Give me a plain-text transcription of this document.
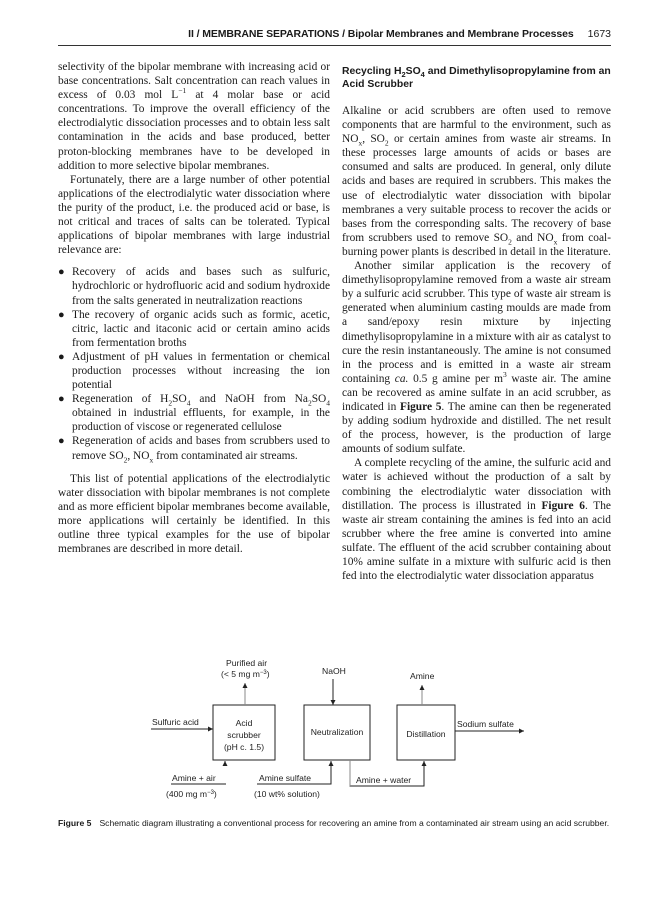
II / MEMBRANE SEPARATIONS / Bipolar Membranes and Membrane Processes 1673

selectivity of the bipolar membrane with increasing acid or base concentrations. Salt concentration can reach values in excess of 0.03 mol $L^{-1}$ at 4 molar base or acid concentrations. To improve the overall efficiency of the electrodialytic dissociation processes and to obtain less salt contamination in the acids and base produced, better proton-blocking membranes have to be developed in addition to more selective bipolar membranes.

Fortunately, there are a large number of other potential applications of the electrodialytic water dissociation where the purity of the product, i.e. the produced acid or base, is not critical and traces of salts can be tolerated. Typical applications of bipolar membranes with large industrial relevance are:

● Recovery of acids and bases such as sulfuric, hydrochloric or hydrofluoric acid and sodium hydroxide from the salts generated in neutralization reactions
● The recovery of organic acids such as formic, acetic, citric, lactic and itaconic acid or certain amino acids from fermentation broths
● Adjustment of pH values in fermentation or chemical production processes without increasing the ion potential
● Regeneration of $H_2SO_4$ and NaOH from $Na_2SO_4$ obtained in industrial effluents, for example, in the production of viscose or regenerated cellulose
● Regeneration of acids and bases from scrubbers used to remove $SO_2$, $NO_x$ from contaminated air streams.

This list of potential applications of the electrodialytic water dissociation with bipolar membranes is not complete and as more efficient bipolar membranes become available, more applications will certainly be identified. In this outline three typical examples for the use of bipolar membranes are described in more detail.

Recycling $H_2SO_4$ and Dimethylisopropylamine from an Acid Scrubber

Alkaline or acid scrubbers are often used to remove components that are harmful to the environment, such as $NO_x$, $SO_2$ or certain amines from waste air streams. In these processes large amounts of acids or bases are consumed and salts are produced. In general, only dilute acids and bases are required in scrubbers. This makes the use of electrodialytic water dissociation with bipolar membranes a very suitable process to recover the acids or bases from the corresponding salts. The recovery of base from scrubbers used to remove $SO_2$ and $NO_x$ from coal-burning power plants is described in detail in the literature.

Another similar application is the recovery of dimethylisopropylamine removed from a waste air stream by a sulfuric acid scrubber. This type of waste air stream is generated when aluminium casting moulds are made from a sand/epoxy resin mixture by injecting dimethylisopropylamine in a mixture with air as catalyst to cure the resin instantaneously. The amine is not consumed in the process and is emitted in a waste air stream containing ca. 0.5 g amine per $m^3$ waste air. The amine can be recovered as amine sulfate in an acid scrubber, as indicated in Figure 5. The amine can then be regenerated by adding sodium hydroxide and distilled. The net result of the process, however, is the production of large amounts of sodium sulfate.

A complete recycling of the amine, the sulfuric acid and water is achieved without the production of a salt by combining the electrodialytic water dissociation with distillation. The process is illustrated in Figure 6. The waste air stream containing the amines is fed into an acid scrubber where the free amine is converted into amine sulfate. The effluent of the acid scrubber containing about 10% amine sulfate in a mixture with sulfuric acid is then fed into the electrodialytic water dissociation apparatus

Acid
scrubber
(pH c. 1.5)
Neutralization	Distillation
Purified air
(< 5 mg $m^{-3}$)	NaOH	Amine
Sulfuric acid	Sodium sulfate
Amine + air
(400 mg $m^{-3}$)
Amine sulfate
(10 wt% solution)
Amine + water
Figure 5 Schematic diagram illustrating a conventional process for recovering an amine from a contaminated air stream using an acid scrubber.
